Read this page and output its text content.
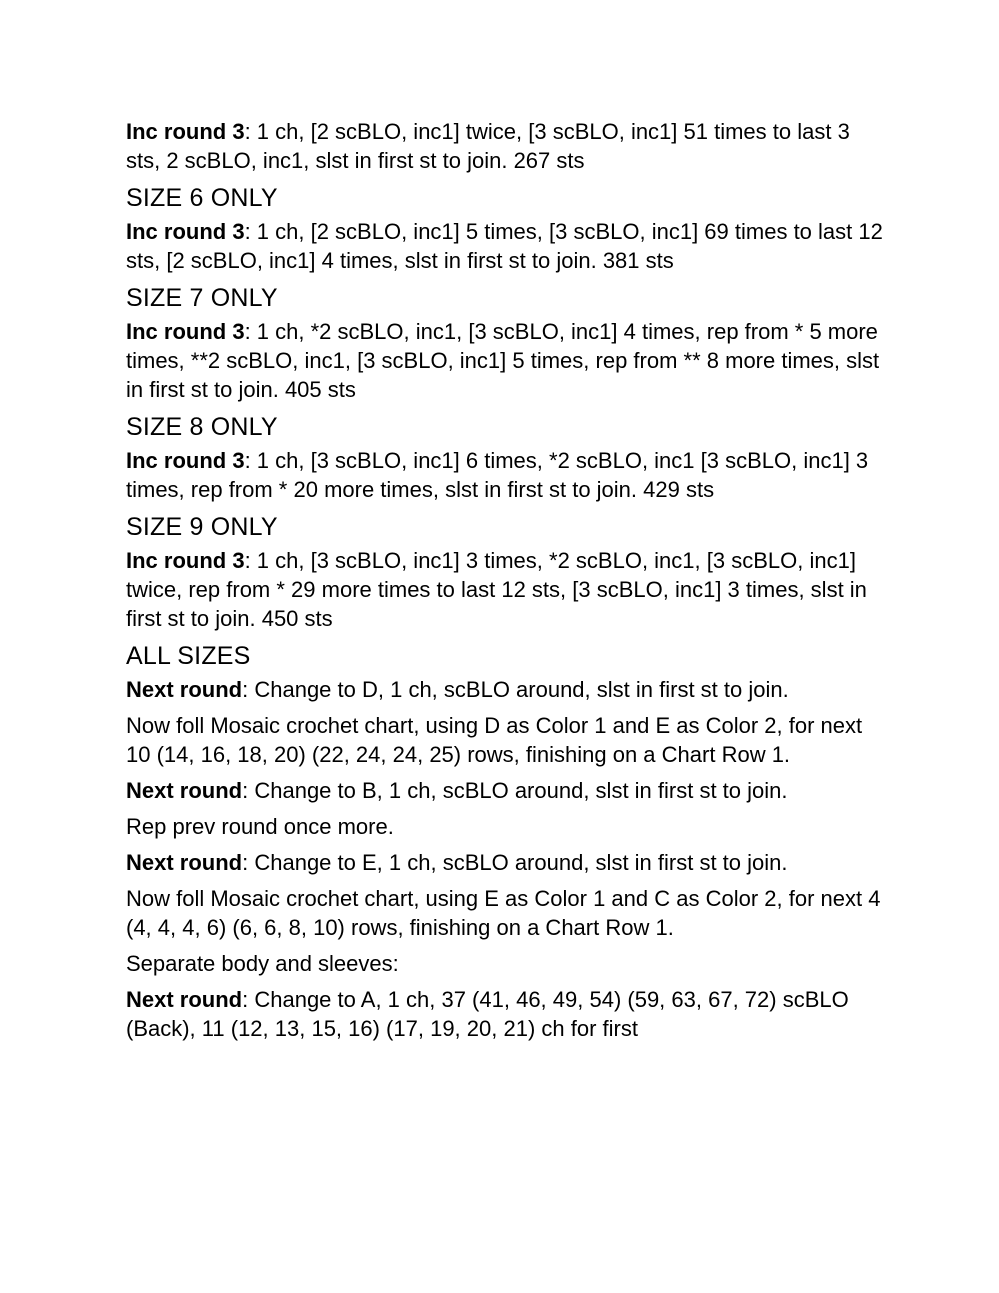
Inc round 3: 1 ch, [2 scBLO, inc1] twice, [3 scBLO, inc1] 51 times to last 3 sts, 2 scBLO, inc1, slst in first st to join. 267 sts

SIZE 6 ONLY

Inc round 3: 1 ch, [2 scBLO, inc1] 5 times, [3 scBLO, inc1] 69 times to last 12 sts, [2 scBLO, inc1] 4 times, slst in first st to join. 381 sts

SIZE 7 ONLY

Inc round 3: 1 ch, *2 scBLO, inc1, [3 scBLO, inc1] 4 times, rep from * 5 more times, **2 scBLO, inc1, [3 scBLO, inc1] 5 times, rep from ** 8 more times, slst in first st to join. 405 sts

SIZE 8 ONLY

Inc round 3: 1 ch, [3 scBLO, inc1] 6 times, *2 scBLO, inc1 [3 scBLO, inc1] 3 times, rep from * 20 more times, slst in first st to join. 429 sts

SIZE 9 ONLY

Inc round 3: 1 ch, [3 scBLO, inc1] 3 times, *2 scBLO, inc1, [3 scBLO, inc1] twice, rep from * 29 more times to last 12 sts, [3 scBLO, inc1] 3 times, slst in first st to join. 450 sts

ALL SIZES

Next round: Change to D, 1 ch, scBLO around, slst in first st to join.

Now foll Mosaic crochet chart, using D as Color 1 and E as Color 2, for next 10 (14, 16, 18, 20) (22, 24, 24, 25) rows, finishing on a Chart Row 1.

Next round: Change to B, 1 ch, scBLO around, slst in first st to join.

Rep prev round once more.

Next round: Change to E, 1 ch, scBLO around, slst in first st to join.

Now foll Mosaic crochet chart, using E as Color 1 and C as Color 2, for next 4 (4, 4, 4, 6) (6, 6, 8, 10) rows, finishing on a Chart Row 1.

Separate body and sleeves:

Next round: Change to A, 1 ch, 37 (41, 46, 49, 54) (59, 63, 67, 72) scBLO (Back), 11 (12, 13, 15, 16) (17, 19, 20, 21) ch for first
